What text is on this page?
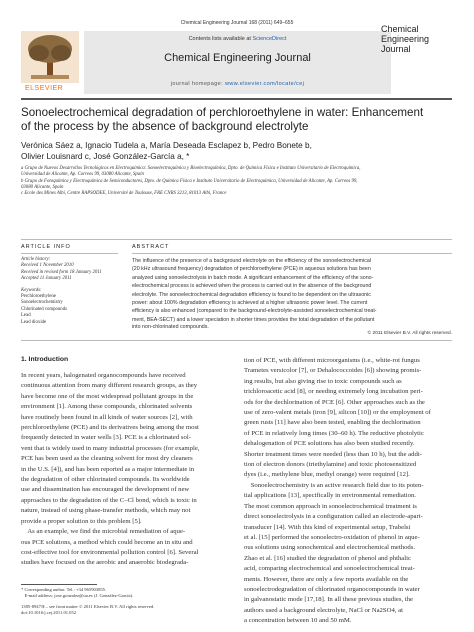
Chemical Engineering Journal 168 (2011) 649–655
ELSEVIER
Contents lists available at ScienceDirect
Chemical Engineering Journal
journal homepage: www.elsevier.com/locate/cej
Chemical
Engineering
Journal
Sonoelectrochemical degradation of perchloroethylene in water: Enhancement
of the process by the absence of background electrolyte
Verónica Sáez a, Ignacio Tudela a, María Deseada Esclapez b, Pedro Bonete b,
Olivier Louisnard c, José González-García a, *
a Grupo de Nuevos Desarrollos Tecnológicos en Electroquímica: Sonoelectroquímica y Bioelectroquímica, Dpto. de Química Física e Instituto Universitario de Electroquímica,
Universidad de Alicante, Ap. Correos 99, 03080 Alicante, Spain
b Grupo de Fotoquímica y Electroquímica de Semiconductores, Dpto. de Química Física e Instituto Universitario de Electroquímica, Universidad de Alicante, Ap. Correos 99,
03080 Alicante, Spain
c Ecole des Mines Albi, Centre RAPSODEE, Université de Toulouse, FRE CNRS 3213, 81013 Albi, France
ARTICLE INFO
Article history:
Received 1 November 2010
Received in revised form 18 January 2011
Accepted 11 January 2011
Keywords:
Perchloroethylene
Sonoelectrochemistry
Chlorinated compounds
Lead
Lead dioxide
ABSTRACT
The influence of the presence of a background electrolyte on the efficiency of the sonoelectrochemical
(20 kHz ultrasound frequency) degradation of perchloroethylene (PCE) in aqueous solutions has been
analyzed using sonoelectrolysis in batch mode. A significant enhancement of the efficiency of the sono-
electrochemical process is achieved when the process is carried out in the absence of the background
electrolyte. The sonoelectrochemical degradation efficiency is found to be dependent on the ultrasonic
power: about 100% degradation efficiency is achieved at a higher ultrasonic power level. The current
efficiency is also enhanced (compared to the background-electrolyte-assisted sonoelectrochemical treat-
ment, BEA-SECT) and a lower speciation in shorter times provides the total degradation of the pollutant
into non-chlorinated compounds.
© 2011 Elsevier B.V. All rights reserved.
1. Introduction
In recent years, halogenated organocompounds have received
continuous attention from many different research groups, as they
have become one of the most widespread pollutant groups in the
environment [1]. Among these compounds, chlorinated solvents
have routinely been found in all kinds of water sources [2], with
perchloroethylene (PCE) and its derivatives being among the most
frequently detected in water wells [3]. PCE is a chlorinated sol-
vent that is widely used in many industrial processes (for example,
PCE has been used as the cleaning solvent for most dry cleaners
in the U.S. [4]), and has been reported as a major intermediate in
the degradation of other chlorinated compounds. Its worldwide
use and dissemination has encouraged the development of new
approaches to the degradation of the C–Cl bond, which is toxic in
nature, instead of using phase-transfer methods, which may not
provide a proper solution to this problem [5].
As an example, we find the microbial remediation of aque-
ous PCE solutions, a method which could become an in situ and
cost-effective tool for environmental pollution control [6]. Several
studies have focused on the aerobic and anaerobic biodegrada-
tion of PCE, with different microorganisms (i.e., white-rot fungus
Trametes versicolor [7], or Dehalococcoides [6]) showing promis-
ing results, but also giving rise to toxic compounds such as
trichloroacetic acid [8], or needing extremely long incubation peri-
ods for the dechlorination of PCE [6]. Other approaches such as the
use of zero-valent metals (iron [9], silicon [10]) or the employment of
green rusts [11] have also been tested, enabling the dechlorination
of PCE in relatively long times (30–60 h). The reductive photolytic
dehalogenation of PCE solutions has also been studied recently.
Shorter treatment times were needed (less than 10 h), but the addi-
tion of electron donors (triethylamine) and toxic photosensitized
dyes (i.e., methylene blue, methyl orange) were required [12].
Sonoelectrochemistry is an active research field due to its poten-
tial applications [13], specifically in environmental remediation.
The most common approach in sonoelectrochemical treatment is
direct sonoelectrolysis in a configuration called an electrode-apart-
transducer [14]. With this kind of experimental setup, Trabelsi
et al. [15] performed the sonoelectro-oxidation of phenol in aque-
ous solutions using sonochemical and electrochemical methods.
Zhao et al. [16] studied the degradation of phenol and phthalic
acid, comparing electrochemical and sonoelectrochemical treat-
ments. However, there are only a few reports available on the
sonoelectrodegradation of chlorinated organocompounds in water
in galvanostatic mode [17,18]. In all these previous studies, the
authors used a background electrolyte, NaCl or Na2SO4, at
a concentration between 10 and 50 mM.
* Corresponding author. Tel.: +34 965903855.
E-mail address: jose.gonzalez@ua.es (J. González-García).
1385-8947/$ – see front matter © 2011 Elsevier B.V. All rights reserved.
doi:10.1016/j.cej.2011.01.052
